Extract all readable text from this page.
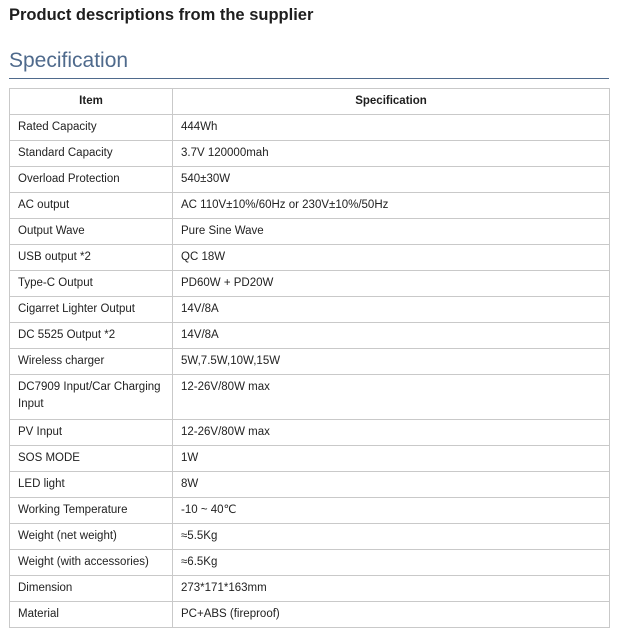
Product descriptions from the supplier
Specification
Item	Specification
Rated Capacity	444Wh
Standard Capacity	3.7V 120000mah
Overload Protection	540±30W
AC output	AC 110V±10%/60Hz or 230V±10%/50Hz
Output Wave	Pure Sine Wave
USB output *2	QC 18W
Type-C Output	PD60W + PD20W
Cigarret Lighter Output	14V/8A
DC 5525 Output *2	14V/8A
Wireless charger	5W,7.5W,10W,15W
DC7909 Input/Car Charging Input	12-26V/80W max
PV Input	12-26V/80W max
SOS MODE	1W
LED light	8W
Working Temperature	-10 ~ 40℃
Weight (net weight)	≈5.5Kg
Weight (with accessories)	≈6.5Kg
Dimension	273*171*163mm
Material	PC+ABS (fireproof)
